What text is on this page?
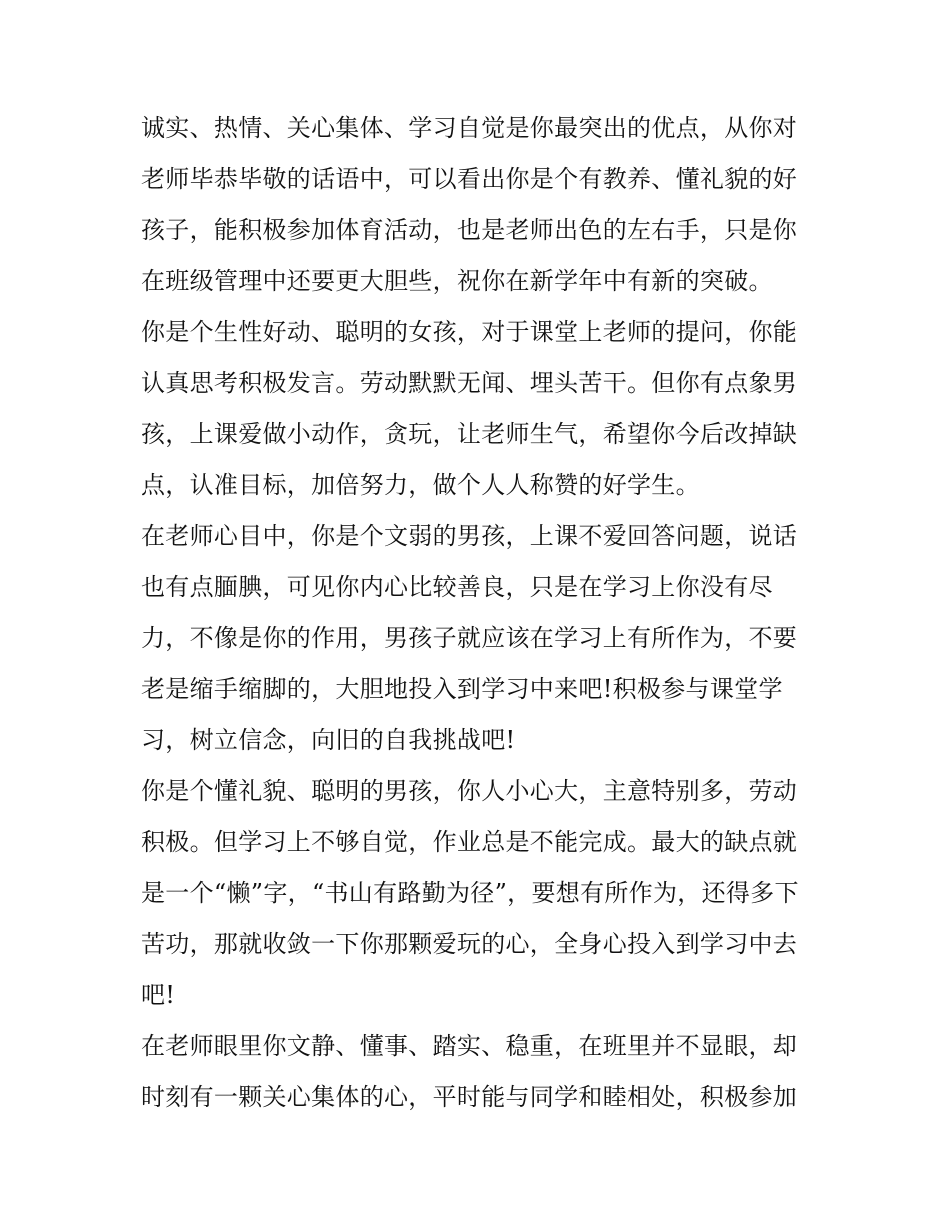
诚实、热情、关心集体、学习自觉是你最突出的优点，从你对
老师毕恭毕敬的话语中，可以看出你是个有教养、懂礼貌的好
孩子，能积极参加体育活动，也是老师出色的左右手，只是你
在班级管理中还要更大胆些，祝你在新学年中有新的突破。
你是个生性好动、聪明的女孩，对于课堂上老师的提问，你能
认真思考积极发言。劳动默默无闻、埋头苦干。但你有点象男
孩，上课爱做小动作，贪玩，让老师生气，希望你今后改掉缺
点，认准目标，加倍努力，做个人人称赞的好学生。
在老师心目中，你是个文弱的男孩，上课不爱回答问题，说话
也有点腼腆，可见你内心比较善良，只是在学习上你没有尽
力，不像是你的作用，男孩子就应该在学习上有所作为，不要
老是缩手缩脚的，大胆地投入到学习中来吧!积极参与课堂学
习，树立信念，向旧的自我挑战吧!
你是个懂礼貌、聪明的男孩，你人小心大，主意特别多，劳动
积极。但学习上不够自觉，作业总是不能完成。最大的缺点就
是一个“懒”字，“书山有路勤为径”，要想有所作为，还得多下
苦功，那就收敛一下你那颗爱玩的心，全身心投入到学习中去
吧!
在老师眼里你文静、懂事、踏实、稳重，在班里并不显眼，却
时刻有一颗关心集体的心，平时能与同学和睦相处，积极参加
